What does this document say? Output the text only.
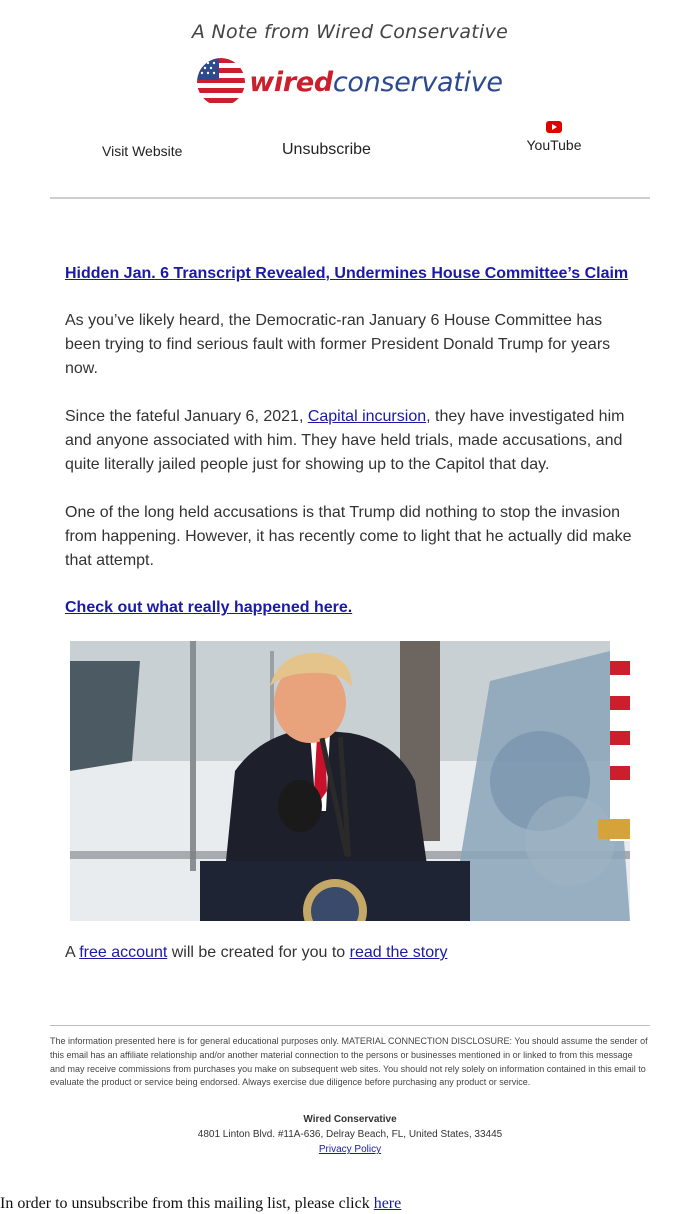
A Note from Wired Conservative
wiredconservative
Visit Website	Unsubscribe	YouTube
Hidden Jan. 6 Transcript Revealed, Undermines House Committee’s Claim

As you’ve likely heard, the Democratic-ran January 6 House Committee has been trying to find serious fault with former President Donald Trump for years now.

Since the fateful January 6, 2021, Capital incursion, they have investigated him and anyone associated with him. They have held trials, made accusations, and quite literally jailed people just for showing up to the Capitol that day.

One of the long held accusations is that Trump did nothing to stop the invasion from happening. However, it has recently come to light that he actually did make that attempt.

Check out what really happened here.

A free account will be created for you to read the story

The information presented here is for general educational purposes only. MATERIAL CONNECTION DISCLOSURE: You should assume the sender of this email has an affiliate relationship and/or another material connection to the persons or businesses mentioned in or linked to from this message and may receive commissions from purchases you make on subsequent web sites. You should not rely solely on information contained in this email to evaluate the product or service being endorsed. Always exercise due diligence before purchasing any product or service.

Wired Conservative
4801 Linton Blvd. #11A-636, Delray Beach, FL, United States, 33445
Privacy Policy
In order to unsubscribe from this mailing list, please click here
